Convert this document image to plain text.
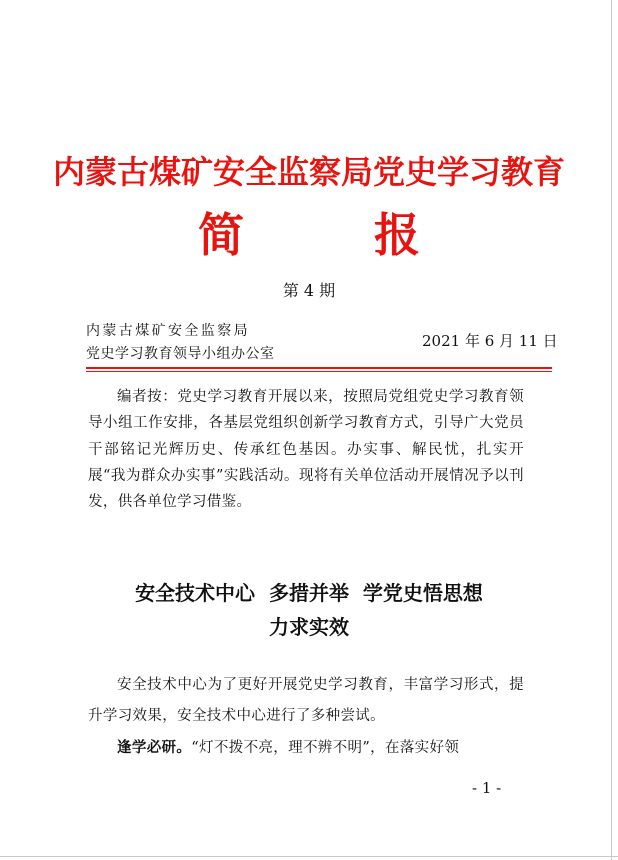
内蒙古煤矿安全监察局党史学习教育
简	报
第 4 期
内蒙古煤矿安全监察局
党史学习教育领导小组办公室
2021 年 6 月 11 日
编者按：党史学习教育开展以来，按照局党组党史学习教育领导小组工作安排，各基层党组织创新学习教育方式，引导广大党员干部铭记光辉历史、传承红色基因。办实事、解民忧，扎实开展“我为群众办实事”实践活动。现将有关单位活动开展情况予以刊发，供各单位学习借鉴。
安全技术中心  多措并举  学党史悟思想
力求实效

安全技术中心为了更好开展党史学习教育，丰富学习形式，提升学习效果，安全技术中心进行了多种尝试。

逢学必研。“灯不拨不亮，理不辨不明”，在落实好领

- 1 -
